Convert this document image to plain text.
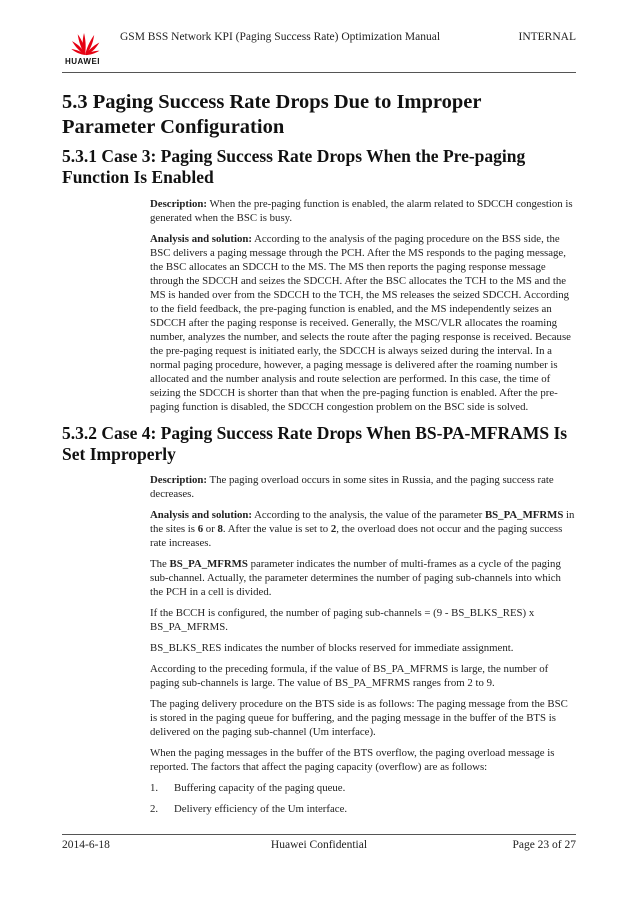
HUAWEI
GSM BSS Network KPI (Paging Success Rate) Optimization Manual	INTERNAL
5.3 Paging Success Rate Drops Due to Improper Parameter Configuration
5.3.1 Case 3: Paging Success Rate Drops When the Pre-paging Function Is Enabled

Description: When the pre-paging function is enabled, the alarm related to SDCCH congestion is generated when the BSC is busy.

Analysis and solution: According to the analysis of the paging procedure on the BSS side, the BSC delivers a paging message through the PCH. After the MS responds to the paging message, the BSC allocates an SDCCH to the MS. The MS then reports the paging response message through the SDCCH and seizes the SDCCH. After the BSC allocates the TCH to the MS and the MS is handed over from the SDCCH to the TCH, the MS releases the seized SDCCH. According to the field feedback, the pre-paging function is enabled, and the MS independently seizes an SDCCH after the paging response is received. Generally, the MSC/VLR allocates the roaming number, analyzes the number, and selects the route after the paging response is received. Because the pre-paging request is initiated early, the SDCCH is always seized during the interval. In a normal paging procedure, however, a paging message is delivered after the roaming number is allocated and the number analysis and route selection are performed. In this case, the time of seizing the SDCCH is shorter than that when the pre-paging function is enabled. After the pre-paging function is disabled, the SDCCH congestion problem on the BSC side is solved.

5.3.2 Case 4: Paging Success Rate Drops When BS-PA-MFRAMS Is Set Improperly

Description: The paging overload occurs in some sites in Russia, and the paging success rate decreases.

Analysis and solution: According to the analysis, the value of the parameter BS_PA_MFRMS in the sites is 6 or 8. After the value is set to 2, the overload does not occur and the paging success rate increases.

The BS_PA_MFRMS parameter indicates the number of multi-frames as a cycle of the paging sub-channel. Actually, the parameter determines the number of paging sub-channels into which the PCH in a cell is divided.

If the BCCH is configured, the number of paging sub-channels = (9 - BS_BLKS_RES) x BS_PA_MFRMS.

BS_BLKS_RES indicates the number of blocks reserved for immediate assignment.

According to the preceding formula, if the value of BS_PA_MFRMS is large, the number of paging sub-channels is large. The value of BS_PA_MFRMS ranges from 2 to 9.

The paging delivery procedure on the BTS side is as follows: The paging message from the BSC is stored in the paging queue for buffering, and the paging message in the buffer of the BTS is delivered on the paging sub-channel (Um interface).

When the paging messages in the buffer of the BTS overflow, the paging overload message is reported. The factors that affect the paging capacity (overflow) are as follows:

1. Buffering capacity of the paging queue.
2. Delivery efficiency of the Um interface.
2014-6-18	Huawei Confidential	Page 23 of 27
